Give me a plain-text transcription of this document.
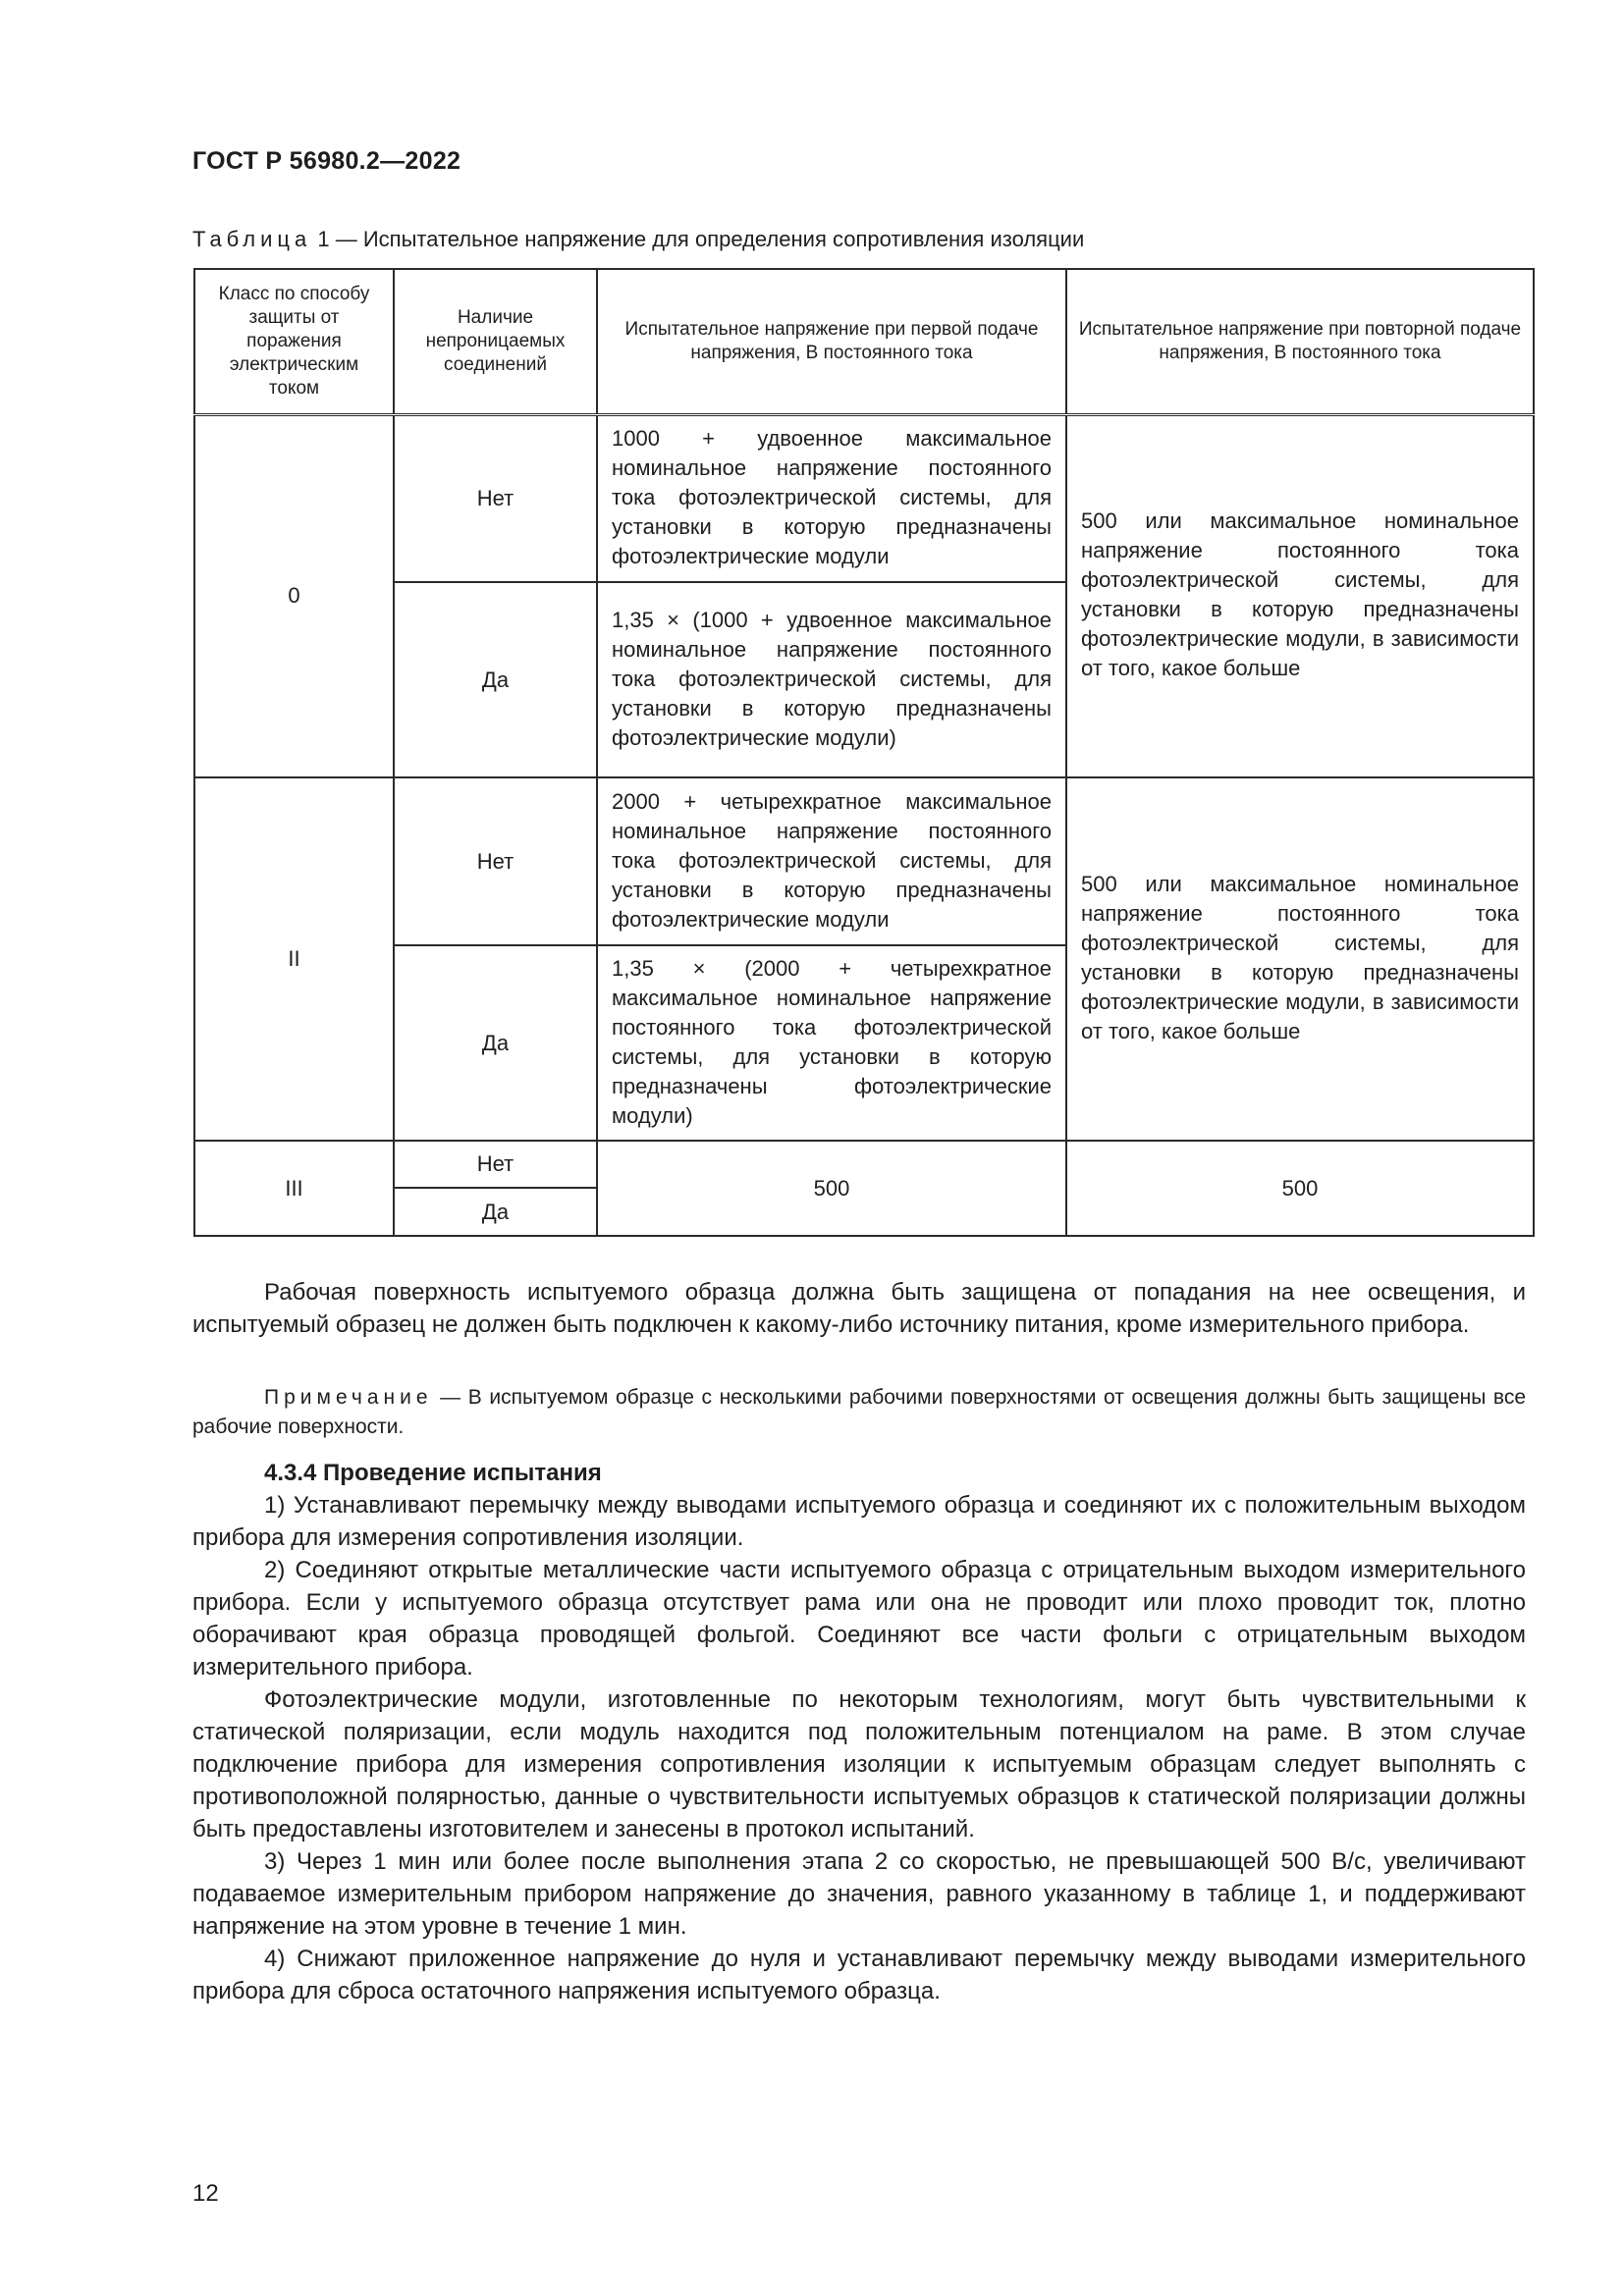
ГОСТ Р 56980.2—2022
Таблица 1 — Испытательное напряжение для определения сопротивления изоляции
Класс по способу защиты от поражения электрическим током	Наличие непроницаемых соединений	Испытательное напряжение при первой подаче напряжения, В постоянного тока	Испытательное напряжение при повторной подаче напряжения, В постоянного тока
0	Нет	1000 + удвоенное максимальное номинальное напряжение постоянного тока фотоэлектрической системы, для установки в которую предназначены фотоэлектрические модули	500 или максимальное номинальное напряжение постоянного тока фотоэлектрической системы, для установки в которую предназначены фотоэлектрические модули, в зависимости от того, какое больше
	Да	1,35 × (1000 + удвоенное максимальное номинальное напряжение постоянного тока фотоэлектрической системы, для установки в которую предназначены фотоэлектрические модули)	
II	Нет	2000 + четырехкратное максимальное номинальное напряжение постоянного тока фотоэлектрической системы, для установки в которую предназначены фотоэлектрические модули	500 или максимальное номинальное напряжение постоянного тока фотоэлектрической системы, для установки в которую предназначены фотоэлектрические модули, в зависимости от того, какое больше
	Да	1,35 × (2000 + четырехкратное максимальное номинальное напряжение постоянного тока фотоэлектрической системы, для установки в которую предназначены фотоэлектрические модули)	
III	Нет	500	500
	Да		

Рабочая поверхность испытуемого образца должна быть защищена от попадания на нее освещения, и испытуемый образец не должен быть подключен к какому-либо источнику питания, кроме измерительного прибора.

Примечание — В испытуемом образце с несколькими рабочими поверхностями от освещения должны быть защищены все рабочие поверхности.

4.3.4 Проведение испытания

1) Устанавливают перемычку между выводами испытуемого образца и соединяют их с положительным выходом прибора для измерения сопротивления изоляции.

2) Соединяют открытые металлические части испытуемого образца с отрицательным выходом измерительного прибора. Если у испытуемого образца отсутствует рама или она не проводит или плохо проводит ток, плотно оборачивают края образца проводящей фольгой. Соединяют все части фольги с отрицательным выходом измерительного прибора.

Фотоэлектрические модули, изготовленные по некоторым технологиям, могут быть чувствительными к статической поляризации, если модуль находится под положительным потенциалом на раме. В этом случае подключение прибора для измерения сопротивления изоляции к испытуемым образцам следует выполнять с противоположной полярностью, данные о чувствительности испытуемых образцов к статической поляризации должны быть предоставлены изготовителем и занесены в протокол испытаний.

3) Через 1 мин или более после выполнения этапа 2 со скоростью, не превышающей 500 В/с, увеличивают подаваемое измерительным прибором напряжение до значения, равного указанному в таблице 1, и поддерживают напряжение на этом уровне в течение 1 мин.

4) Снижают приложенное напряжение до нуля и устанавливают перемычку между выводами измерительного прибора для сброса остаточного напряжения испытуемого образца.

12
